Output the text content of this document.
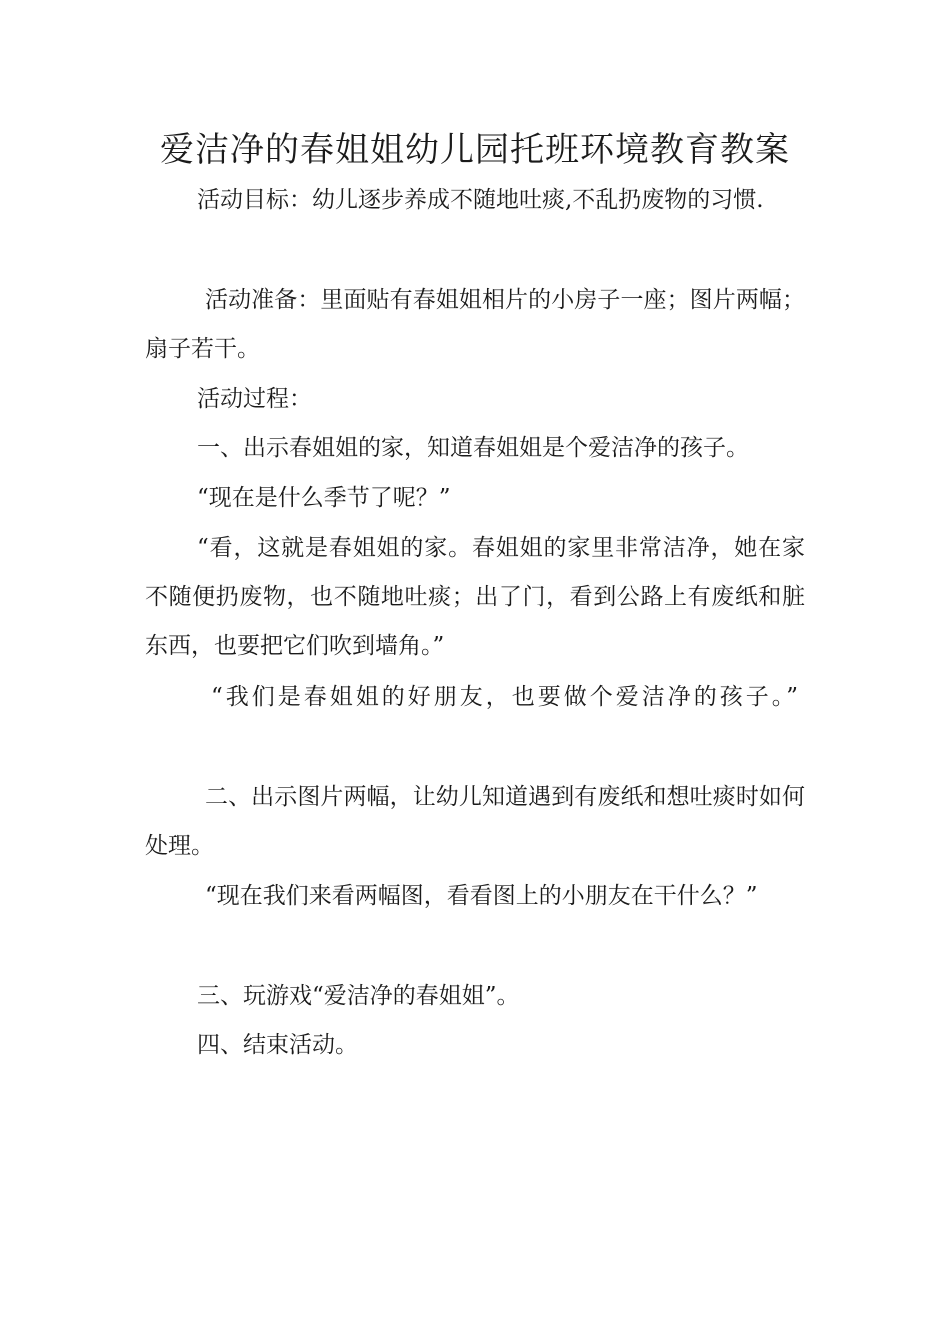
爱洁净的春姐姐幼儿园托班环境教育教案

活动目标：幼儿逐步养成不随地吐痰,不乱扔废物的习惯.

活动准备：里面贴有春姐姐相片的小房子一座；图片两幅；扇子若干。

活动过程：

一、出示春姐姐的家，知道春姐姐是个爱洁净的孩子。

“现在是什么季节了呢？”

“看，这就是春姐姐的家。春姐姐的家里非常洁净，她在家不随便扔废物，也不随地吐痰；出了门，看到公路上有废纸和脏东西，也要把它们吹到墙角。”

“我们是春姐姐的好朋友，也要做个爱洁净的孩子。”

二、出示图片两幅，让幼儿知道遇到有废纸和想吐痰时如何处理。

“现在我们来看两幅图，看看图上的小朋友在干什么？”

三、玩游戏“爱洁净的春姐姐”。

四、结束活动。
